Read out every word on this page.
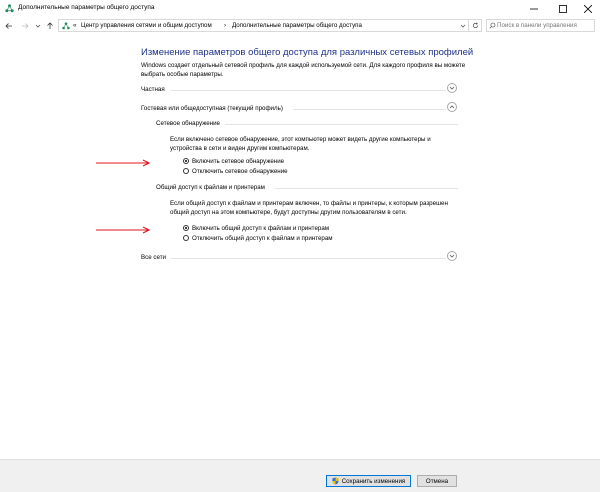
Дополнительные параметры общего доступа
« Центр управления сетями и общим доступом › Дополнительные параметры общего доступа
Поиск в панели управления
Изменение параметров общего доступа для различных сетевых профилей
Windows создает отдельный сетевой профиль для каждой используемой сети. Для каждого профиля вы можете выбрать особые параметры.
Частная
Гостевая или общедоступная (текущий профиль)
Сетевое обнаружение
Если включено сетевое обнаружение, этот компьютер может видеть другие компьютеры и устройства в сети и виден другим компьютерам.
Включить сетевое обнаружение
Отключить сетевое обнаружение
Общий доступ к файлам и принтерам
Если общий доступ к файлам и принтерам включен, то файлы и принтеры, к которым разрешен общий доступ на этом компьютере, будут доступны другим пользователям в сети.
Включить общий доступ к файлам и принтерам
Отключить общий доступ к файлам и принтерам
Все сети
Сохранить изменения	Отмена
